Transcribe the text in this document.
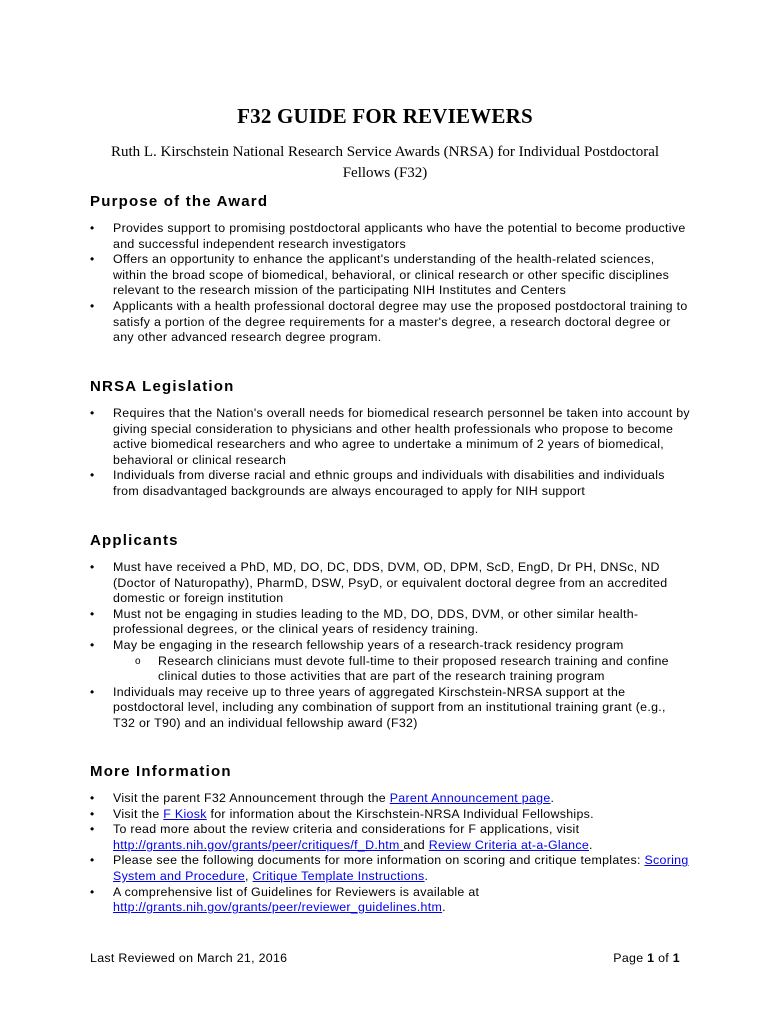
F32 GUIDE FOR REVIEWERS
Ruth L. Kirschstein National Research Service Awards (NRSA) for Individual Postdoctoral Fellows (F32)
Purpose of the Award
• Provides support to promising postdoctoral applicants who have the potential to become productive and successful independent research investigators
• Offers an opportunity to enhance the applicant's understanding of the health-related sciences, within the broad scope of biomedical, behavioral, or clinical research or other specific disciplines relevant to the research mission of the participating NIH Institutes and Centers
• Applicants with a health professional doctoral degree may use the proposed postdoctoral training to satisfy a portion of the degree requirements for a master's degree, a research doctoral degree or any other advanced research degree program.
NRSA Legislation
• Requires that the Nation's overall needs for biomedical research personnel be taken into account by giving special consideration to physicians and other health professionals who propose to become active biomedical researchers and who agree to undertake a minimum of 2 years of biomedical, behavioral or clinical research
• Individuals from diverse racial and ethnic groups and individuals with disabilities and individuals from disadvantaged backgrounds are always encouraged to apply for NIH support
Applicants
• Must have received a PhD, MD, DO, DC, DDS, DVM, OD, DPM, ScD, EngD, Dr PH, DNSc, ND (Doctor of Naturopathy), PharmD, DSW, PsyD, or equivalent doctoral degree from an accredited domestic or foreign institution
• Must not be engaging in studies leading to the MD, DO, DDS, DVM, or other similar health-professional degrees, or the clinical years of residency training.
• May be engaging in the research fellowship years of a research-track residency program
o Research clinicians must devote full-time to their proposed research training and confine clinical duties to those activities that are part of the research training program
• Individuals may receive up to three years of aggregated Kirschstein-NRSA support at the postdoctoral level, including any combination of support from an institutional training grant (e.g., T32 or T90) and an individual fellowship award (F32)
More Information
• Visit the parent F32 Announcement through the Parent Announcement page.
• Visit the F Kiosk for information about the Kirschstein-NRSA Individual Fellowships.
• To read more about the review criteria and considerations for F applications, visit http://grants.nih.gov/grants/peer/critiques/f_D.htm and Review Criteria at-a-Glance.
• Please see the following documents for more information on scoring and critique templates: Scoring System and Procedure, Critique Template Instructions.
• A comprehensive list of Guidelines for Reviewers is available at http://grants.nih.gov/grants/peer/reviewer_guidelines.htm.
Last Reviewed on March 21, 2016	Page 1 of 1
